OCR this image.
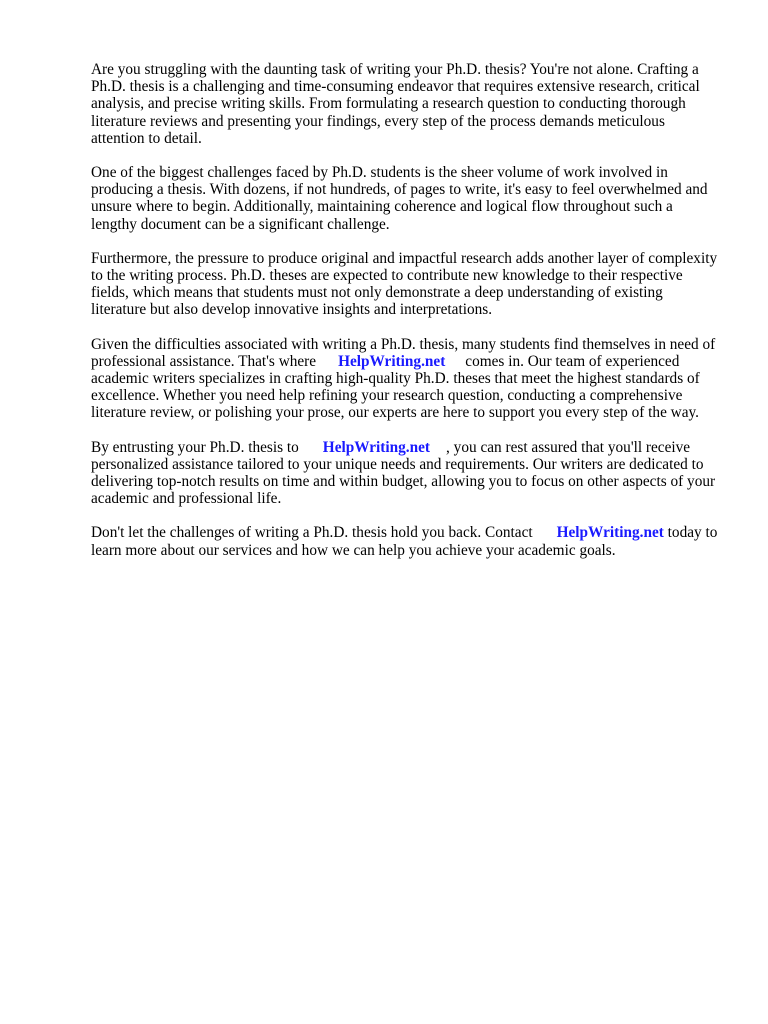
Are you struggling with the daunting task of writing your Ph.D. thesis? You're not alone. Crafting a Ph.D. thesis is a challenging and time-consuming endeavor that requires extensive research, critical analysis, and precise writing skills. From formulating a research question to conducting thorough literature reviews and presenting your findings, every step of the process demands meticulous attention to detail.

One of the biggest challenges faced by Ph.D. students is the sheer volume of work involved in producing a thesis. With dozens, if not hundreds, of pages to write, it's easy to feel overwhelmed and unsure where to begin. Additionally, maintaining coherence and logical flow throughout such a lengthy document can be a significant challenge.

Furthermore, the pressure to produce original and impactful research adds another layer of complexity to the writing process. Ph.D. theses are expected to contribute new knowledge to their respective fields, which means that students must not only demonstrate a deep understanding of existing literature but also develop innovative insights and interpretations.

Given the difficulties associated with writing a Ph.D. thesis, many students find themselves in need of professional assistance. That's where HelpWriting.net comes in. Our team of experienced academic writers specializes in crafting high-quality Ph.D. theses that meet the highest standards of excellence. Whether you need help refining your research question, conducting a comprehensive literature review, or polishing your prose, our experts are here to support you every step of the way.

By entrusting your Ph.D. thesis to HelpWriting.net , you can rest assured that you'll receive personalized assistance tailored to your unique needs and requirements. Our writers are dedicated to delivering top-notch results on time and within budget, allowing you to focus on other aspects of your academic and professional life.

Don't let the challenges of writing a Ph.D. thesis hold you back. Contact HelpWriting.net today to learn more about our services and how we can help you achieve your academic goals.
